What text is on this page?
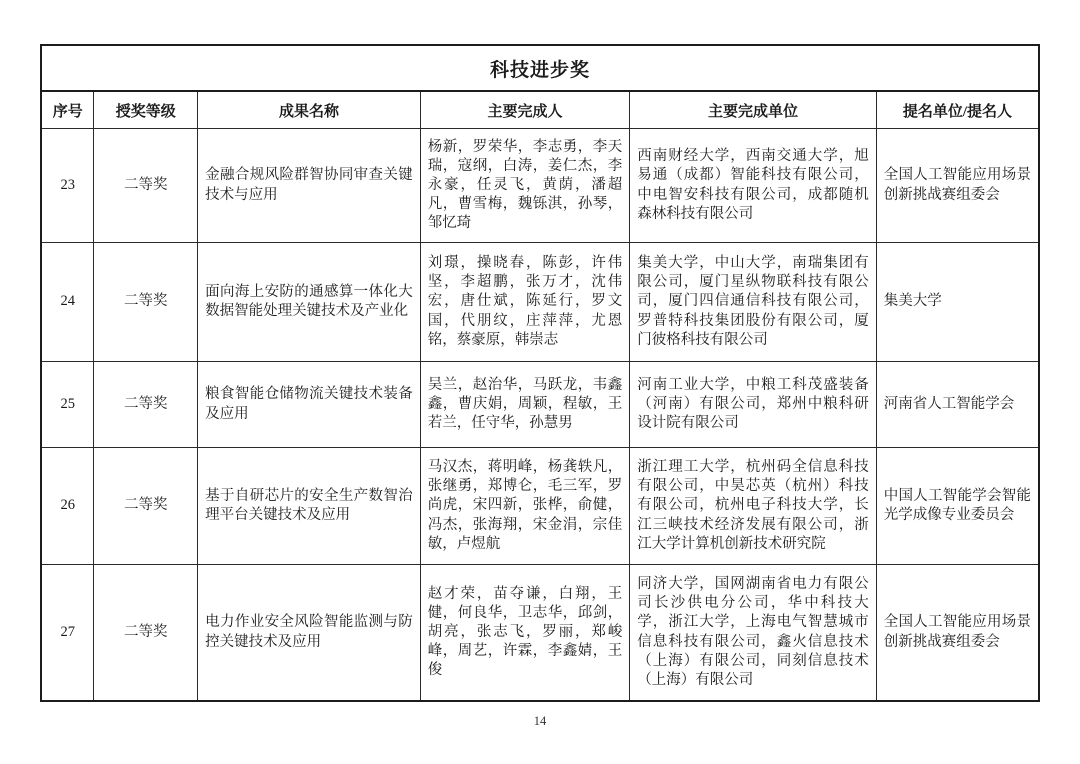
科技进步奖					
序号	授奖等级	成果名称	主要完成人	主要完成单位	提名单位/提名人
23	二等奖	金融合规风险群智协同审查关键技术与应用	杨新，罗荣华，李志勇，李天瑞，寇纲，白涛，姜仁杰，李永豪，任灵飞，黄荫，潘超凡，曹雪梅，魏铄淇，孙琴，邹忆琦	西南财经大学，西南交通大学，旭易通（成都）智能科技有限公司，中电智安科技有限公司，成都随机森林科技有限公司	全国人工智能应用场景创新挑战赛组委会
24	二等奖	面向海上安防的通感算一体化大数据智能处理关键技术及产业化	刘璟，操晓春，陈彭，许伟坚，李超鹏，张万才，沈伟宏，唐仕斌，陈延行，罗文国，代朋纹，庄萍萍，尤恩铭，蔡豪原，韩崇志	集美大学，中山大学，南瑞集团有限公司，厦门星纵物联科技有限公司，厦门四信通信科技有限公司，罗普特科技集团股份有限公司，厦门彼格科技有限公司	集美大学
25	二等奖	粮食智能仓储物流关键技术装备及应用	吴兰，赵治华，马跃龙，韦鑫鑫，曹庆娟，周颖，程敏，王若兰，任守华，孙慧男	河南工业大学，中粮工科茂盛装备（河南）有限公司，郑州中粮科研设计院有限公司	河南省人工智能学会
26	二等奖	基于自研芯片的安全生产数智治理平台关键技术及应用	马汉杰，蒋明峰，杨龚轶凡，张继勇，郑博仑，毛三军，罗尚虎，宋四新，张桦，俞健，冯杰，张海翔，宋金涓，宗佳敏，卢煜航	浙江理工大学，杭州码全信息科技有限公司，中昊芯英（杭州）科技有限公司，杭州电子科技大学，长江三峡技术经济发展有限公司，浙江大学计算机创新技术研究院	中国人工智能学会智能光学成像专业委员会
27	二等奖	电力作业安全风险智能监测与防控关键技术及应用	赵才荣，苗夺谦，白翔，王健，何良华，卫志华，邱剑，胡亮，张志飞，罗丽，郑峻峰，周艺，许霖，李鑫婧，王俊	同济大学，国网湖南省电力有限公司长沙供电分公司，华中科技大学，浙江大学，上海电气智慧城市信息科技有限公司，鑫火信息技术（上海）有限公司，同刻信息技术（上海）有限公司	全国人工智能应用场景创新挑战赛组委会
14
